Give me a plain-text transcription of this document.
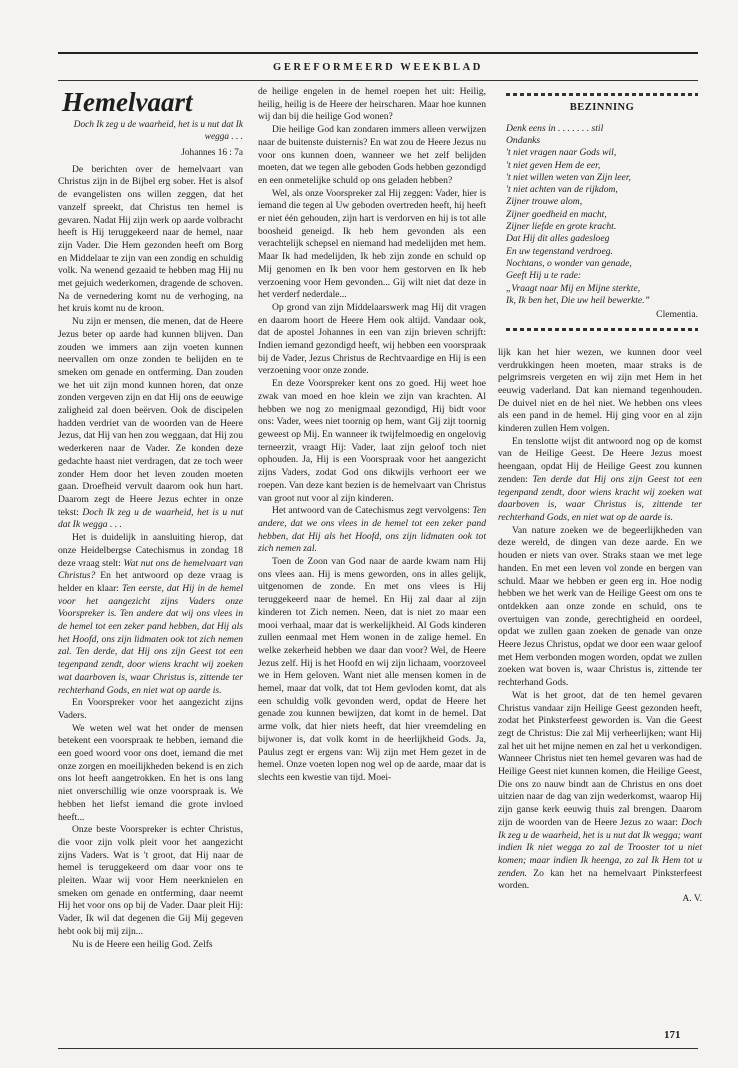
GEREFORMEERD WEEKBLAD
Hemelvaart
Doch Ik zeg u de waarheid, het is u nut dat Ik wegga . . .
Johannes 16 : 7a

De berichten over de hemelvaart van Christus zijn in de Bijbel erg sober. Het is alsof de evangelisten ons willen zeggen, dat het vanzelf spreekt, dat Christus ten hemel is gevaren. Nadat Hij zijn werk op aarde volbracht heeft is Hij teruggekeerd naar de hemel, naar zijn Vader. Die Hem gezonden heeft om Borg en Middelaar te zijn van een zondig en schuldig volk. Na wenend gezaaid te hebben mag Hij nu met gejuich wederkomen, dragende de schoven. Na de vernedering komt nu de verhoging, na het kruis komt nu de kroon.

Nu zijn er mensen, die menen, dat de Heere Jezus beter op aarde had kunnen blijven. Dan zouden we immers aan zijn voeten kunnen neervallen om onze zonden te belijden en te smeken om genade en ontferming. Dan zouden we het uit zijn mond kunnen horen, dat onze zonden vergeven zijn en dat Hij ons de eeuwige zaligheid zal doen beërven. Ook de discipelen hadden verdriet van de woorden van de Heere Jezus, dat Hij van hen zou weggaan, dat Hij zou wederkeren naar de Vader. Ze konden deze gedachte haast niet verdragen, dat ze toch weer zonder Hem door het leven zouden moeten gaan. Droefheid vervult daarom ook hun hart. Daarom zegt de Heere Jezus echter in onze tekst: Doch Ik zeg u de waarheid, het is u nut dat Ik wegga . . .

Het is duidelijk in aansluiting hierop, dat onze Heidelbergse Catechismus in zondag 18 deze vraag stelt: Wat nut ons de hemelvaart van Christus? En het antwoord op deze vraag is helder en klaar: Ten eerste, dat Hij in de hemel voor het aangezicht zijns Vaders onze Voorspreker is. Ten andere dat wij ons vlees in de hemel tot een zeker pand hebben, dat Hij als het Hoofd, ons zijn lidmaten ook tot zich nemen zal. Ten derde, dat Hij ons zijn Geest tot een tegenpand zendt, door wiens kracht wij zoeken wat daarboven is, waar Christus is, zittende ter rechterhand Gods, en niet wat op aarde is.

En Voorspreker voor het aangezicht zijns Vaders.

We weten wel wat het onder de mensen betekent een voorspraak te hebben, iemand die een goed woord voor ons doet, iemand die met onze zorgen en moeilijkheden bekend is en zich ons lot heeft aangetrokken. En het is ons lang niet onverschillig wie onze voorspraak is. We hebben het liefst iemand die grote invloed heeft...

Onze beste Voorspreker is echter Christus, die voor zijn volk pleit voor het aangezicht zijns Vaders. Wat is 't groot, dat Hij naar de hemel is teruggekeerd om daar voor ons te pleiten. Waar wij voor Hem neerknielen en smeken om genade en ontferming, daar neemt Hij het voor ons op bij de Vader. Daar pleit Hij: Vader, Ik wil dat degenen die Gij Mij gegeven hebt ook bij mij zijn...

Nu is de Heere een heilig God. Zelfs

de heilige engelen in de hemel roepen het uit: Heilig, heilig, heilig is de Heere der heirscharen. Maar hoe kunnen wij dan bij die heilige God wonen?

Die heilige God kan zondaren immers alleen verwijzen naar de buitenste duisternis? En wat zou de Heere Jezus nu voor ons kunnen doen, wanneer we het zelf belijden moeten, dat we tegen alle geboden Gods hebben gezondigd en een onmetelijke schuld op ons geladen hebben?

Wel, als onze Voorspreker zal Hij zeggen: Vader, hier is iemand die tegen al Uw geboden overtreden heeft, hij heeft er niet één gehouden, zijn hart is verdorven en hij is tot alle boosheid geneigd. Ik heb hem gevonden als een verachtelijk schepsel en niemand had medelijden met hem. Maar Ik had medelijden, Ik heb zijn zonde en schuld op Mij genomen en Ik ben voor hem gestorven en Ik heb verzoening voor Hem gevonden... Gij wilt niet dat deze in het verderf nederdale...

Op grond van zijn Middelaarswerk mag Hij dit vragen en daarom hoort de Heere Hem ook altijd. Vandaar ook, dat de apostel Johannes in een van zijn brieven schrijft: Indien iemand gezondigd heeft, wij hebben een voorspraak bij de Vader, Jezus Christus de Rechtvaardige en Hij is een verzoening voor onze zonde.

En deze Voorspreker kent ons zo goed. Hij weet hoe zwak van moed en hoe klein we zijn van krachten. Al hebben we nog zo menigmaal gezondigd, Hij bidt voor ons: Vader, wees niet toornig op hem, want Gij zijt toornig geweest op Mij. En wanneer ik twijfelmoedig en ongelovig terneerzit, vraagt Hij: Vader, laat zijn geloof toch niet ophouden. Ja, Hij is een Voorspraak voor het aangezicht zijns Vaders, zodat God ons dikwijls verhoort eer we roepen. Van deze kant bezien is de hemelvaart van Christus van groot nut voor al zijn kinderen.

Het antwoord van de Catechismus zegt vervolgens: Ten andere, dat we ons vlees in de hemel tot een zeker pand hebben, dat Hij als het Hoofd, ons zijn lidmaten ook tot zich nemen zal.

Toen de Zoon van God naar de aarde kwam nam Hij ons vlees aan. Hij is mens geworden, ons in alles gelijk, uitgenomen de zonde. En met ons vlees is Hij teruggekeerd naar de hemel. En Hij zal daar al zijn kinderen tot Zich nemen. Neen, dat is niet zo maar een mooi verhaal, maar dat is werkelijkheid. Al Gods kinderen zullen eenmaal met Hem wonen in de zalige hemel. En welke zekerheid hebben we daar dan voor? Wel, de Heere Jezus zelf. Hij is het Hoofd en wij zijn lichaam, voorzoveel we in Hem geloven. Want niet alle mensen komen in de hemel, maar dat volk, dat tot Hem gevloden komt, dat als een schuldig volk gevonden werd, opdat de Heere het genade zou kunnen bewijzen, dat komt in de hemel. Dat arme volk, dat hier niets heeft, dat hier vreemdeling en bijwoner is, dat volk komt in de heerlijkheid Gods. Ja, Paulus zegt er ergens van: Wij zijn met Hem gezet in de hemel. Onze voeten lopen nog wel op de aarde, maar dat is slechts een kwestie van tijd. Moei-

BEZINNING
Denk eens in . . . . . . . stil
Ondanks
't niet vragen naar Gods wil,
't niet geven Hem de eer,
't niet willen weten van Zijn leer,
't niet achten van de rijkdom,
Zijner trouwe alom,
Zijner goedheid en macht,
Zijner liefde en grote kracht.
Dat Hij dit alles gadesloeg
En uw tegenstand verdroeg.
Nochtans, o wonder van genade,
Geeft Hij u te rade:
„Vraagt naar Mij en Mijne sterkte,
Ik, Ik ben het, Die uw heil bewerkte.”
Clementia.

lijk kan het hier wezen, we kunnen door veel verdrukkingen heen moeten, maar straks is de pelgrimsreis vergeten en wij zijn met Hem in het eeuwig vaderland. Dat kan niemand tegenhouden. De duivel niet en de hel niet. We hebben ons vlees als een pand in de hemel. Hij ging voor en al zijn kinderen zullen Hem volgen.

En tenslotte wijst dit antwoord nog op de komst van de Heilige Geest. De Heere Jezus moest heengaan, opdat Hij de Heilige Geest zou kunnen zenden: Ten derde dat Hij ons zijn Geest tot een tegenpand zendt, door wiens kracht wij zoeken wat daarboven is, waar Christus is, zittende ter rechterhand Gods, en niet wat op de aarde is.

Van nature zoeken we de begeerlijkheden van deze wereld, de dingen van deze aarde. En we houden er niets van over. Straks staan we met lege handen. En met een leven vol zonde en bergen van schuld. Maar we hebben er geen erg in. Hoe nodig hebben we het werk van de Heilige Geest om ons te ontdekken aan onze zonde en schuld, ons te overtuigen van zonde, gerechtigheid en oordeel, opdat we zullen gaan zoeken de genade van onze Heere Jezus Christus, opdat we door een waar geloof met Hem verbonden mogen worden, opdat we zullen zoeken wat boven is, waar Christus is, zittende ter rechterhand Gods.

Wat is het groot, dat de ten hemel gevaren Christus vandaar zijn Heilige Geest gezonden heeft, zodat het Pinksterfeest geworden is. Van die Geest zegt de Christus: Die zal Mij verheerlijken; want Hij zal het uit het mijne nemen en zal het u verkondigen. Wanneer Christus niet ten hemel gevaren was had de Heilige Geest niet kunnen komen, die Heilige Geest, Die ons zo nauw bindt aan de Christus en ons doet uitzien naar de dag van zijn wederkomst, waarop Hij zijn ganse kerk eeuwig thuis zal brengen. Daarom zijn de woorden van de Heere Jezus zo waar: Doch Ik zeg u de waarheid, het is u nut dat Ik wegga; want indien Ik niet wegga zo zal de Trooster tot u niet komen; maar indien Ik heenga, zo zal Ik Hem tot u zenden. Zo kan het na hemelvaart Pinksterfeest worden.

A. V.
171
